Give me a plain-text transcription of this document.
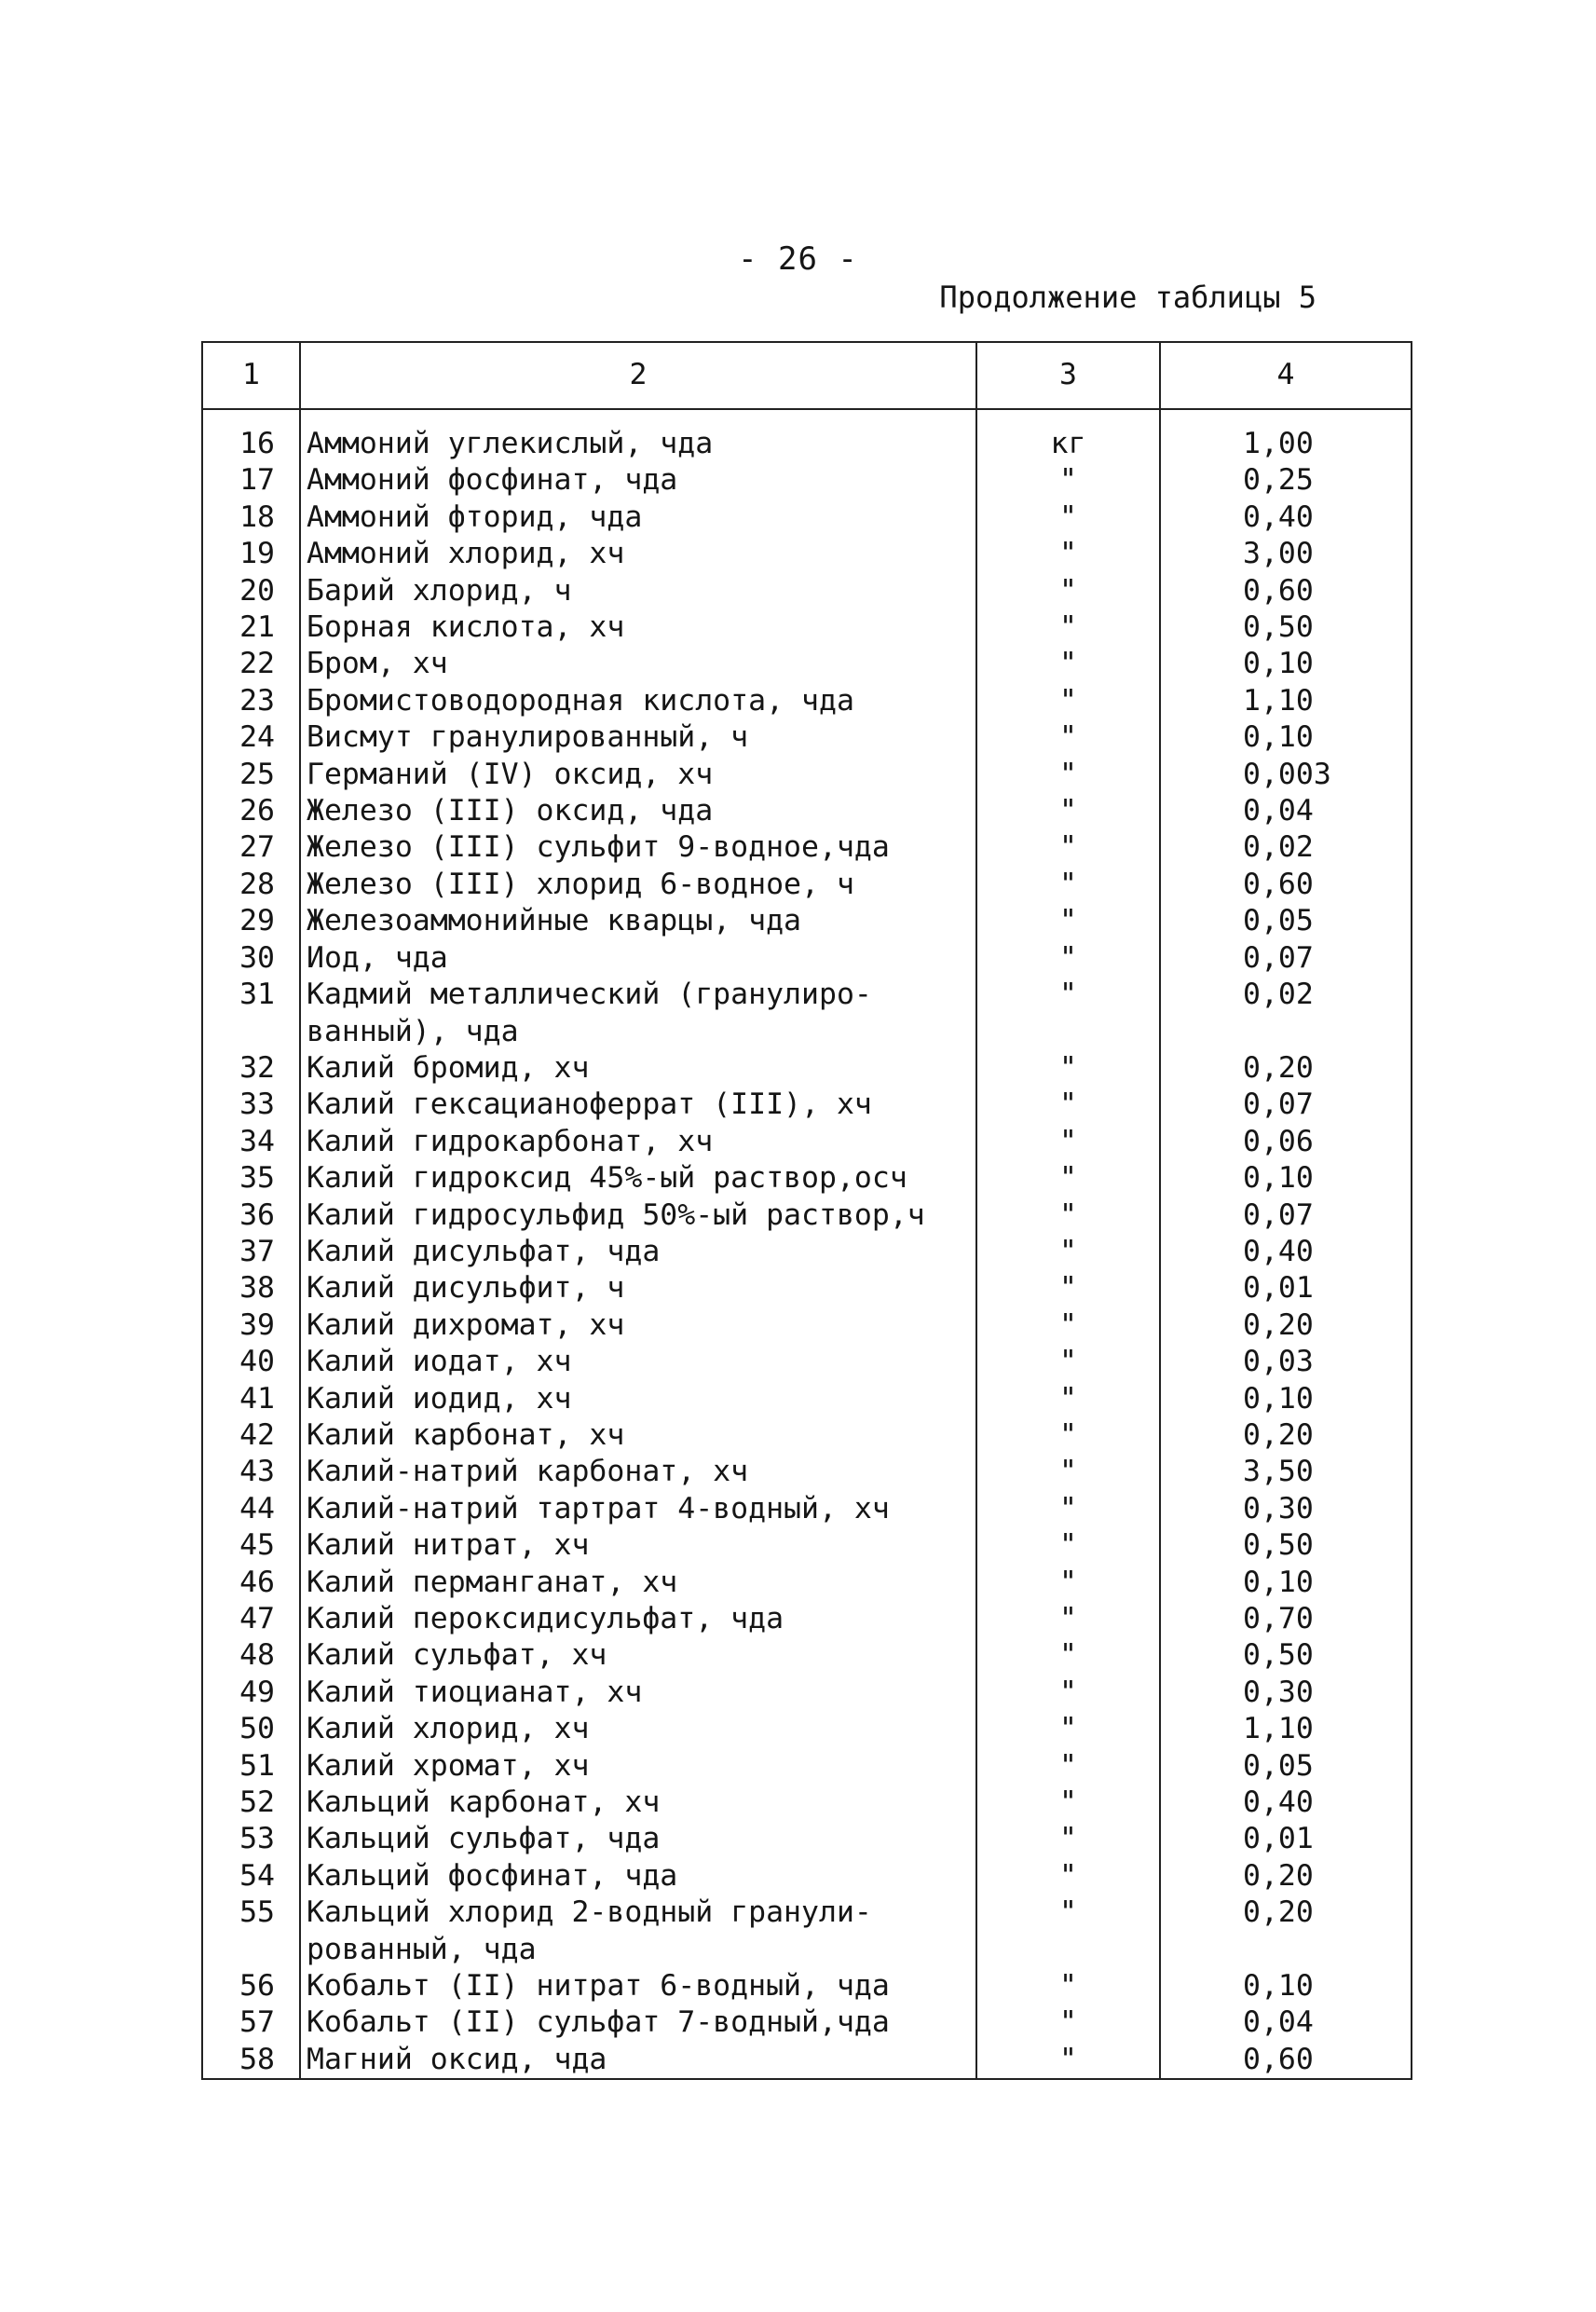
- 26 -
Продолжение таблицы 5
1	2	3	4
16	Аммоний углекислый, чда	кг	1,00
17	Аммоний фосфинат, чда	"	0,25
18	Аммоний фторид, чда	"	0,40
19	Аммоний хлорид, хч	"	3,00
20	Барий хлорид, ч	"	0,60
21	Борная кислота, хч	"	0,50
22	Бром, хч	"	0,10
23	Бромистоводородная кислота, чда	"	1,10
24	Висмут гранулированный, ч	"	0,10
25	Германий (IV) оксид, хч	"	0,003
26	Железо (III) оксид, чда	"	0,04
27	Железо (III) сульфит 9-водное,чда	"	0,02
28	Железо (III) хлорид 6-водное, ч	"	0,60
29	Железоаммонийные кварцы, чда	"	0,05
30	Иод, чда	"	0,07
31	Кадмий металлический (гранулиро-	"	0,02
	ванный), чда		
32	Калий бромид, хч	"	0,20
33	Калий гексацианоферрат (III), хч	"	0,07
34	Калий гидрокарбонат, хч	"	0,06
35	Калий гидроксид 45%-ый раствор,осч	"	0,10
36	Калий гидросульфид 50%-ый раствор,ч	"	0,07
37	Калий дисульфат, чда	"	0,40
38	Калий дисульфит, ч	"	0,01
39	Калий дихромат, хч	"	0,20
40	Калий иодат, хч	"	0,03
41	Калий иодид, хч	"	0,10
42	Калий карбонат, хч	"	0,20
43	Калий-натрий карбонат, хч	"	3,50
44	Калий-натрий тартрат 4-водный, хч	"	0,30
45	Калий нитрат, хч	"	0,50
46	Калий перманганат, хч	"	0,10
47	Калий пероксидисульфат, чда	"	0,70
48	Калий сульфат, хч	"	0,50
49	Калий тиоцианат, хч	"	0,30
50	Калий хлорид, хч	"	1,10
51	Калий хромат, хч	"	0,05
52	Кальций карбонат, хч	"	0,40
53	Кальций сульфат, чда	"	0,01
54	Кальций фосфинат, чда	"	0,20
55	Кальций хлорид 2-водный гранули-	"	0,20
	рованный, чда		
56	Кобальт (II) нитрат 6-водный, чда	"	0,10
57	Кобальт (II) сульфат 7-водный,чда	"	0,04
58	Магний оксид, чда	"	0,60
